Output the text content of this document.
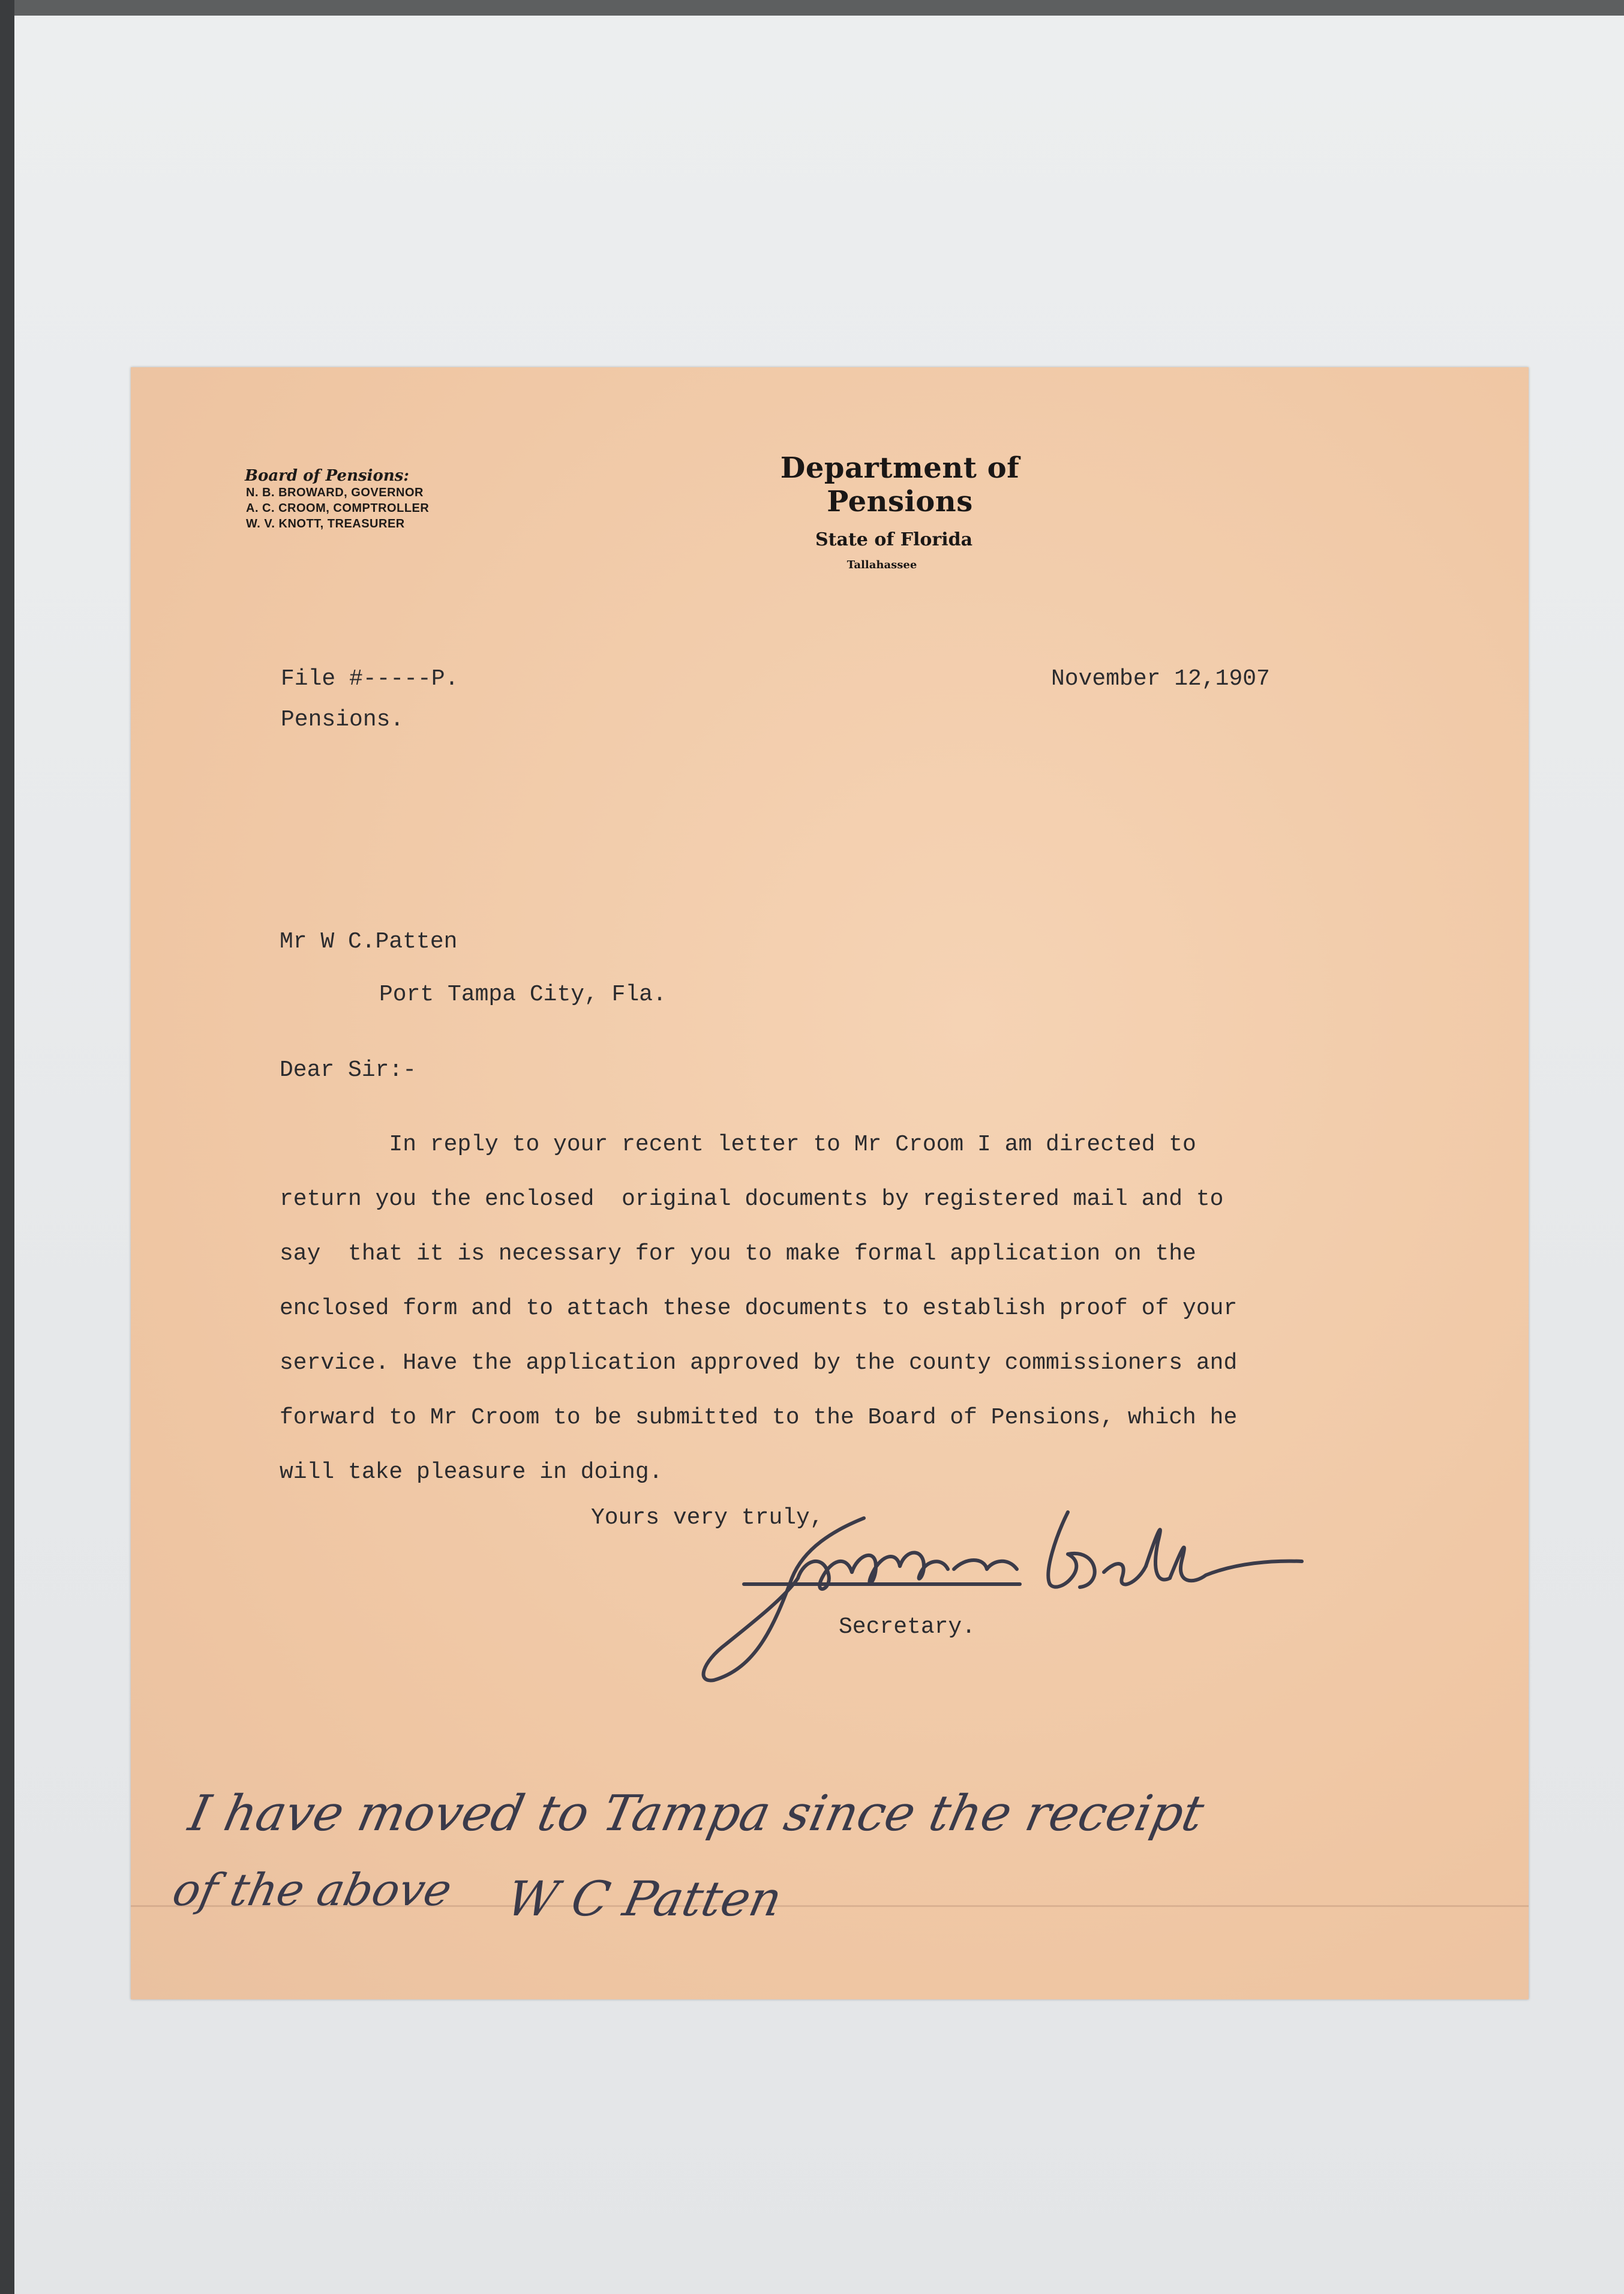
Board of Pensions:
N. B. BROWARD, GOVERNOR
A. C. CROOM, COMPTROLLER
W. V. KNOTT, TREASURER
Department of Pensions
State of Florida
Tallahassee
File #-----P.
Pensions.
November 12,1907
Mr W C.Patten
Port Tampa City, Fla.
Dear Sir:-
In reply to your recent letter to Mr Croom I am directed to
return you the enclosed  original documents by registered mail and to
say  that it is necessary for you to make formal application on the
enclosed form and to attach these documents to establish proof of your
service. Have the application approved by the county commissioners and
forward to Mr Croom to be submitted to the Board of Pensions, which he
will take pleasure in doing.
Yours very truly,
Secretary.
I have moved to Tampa since the receipt
of the above W C Patten
